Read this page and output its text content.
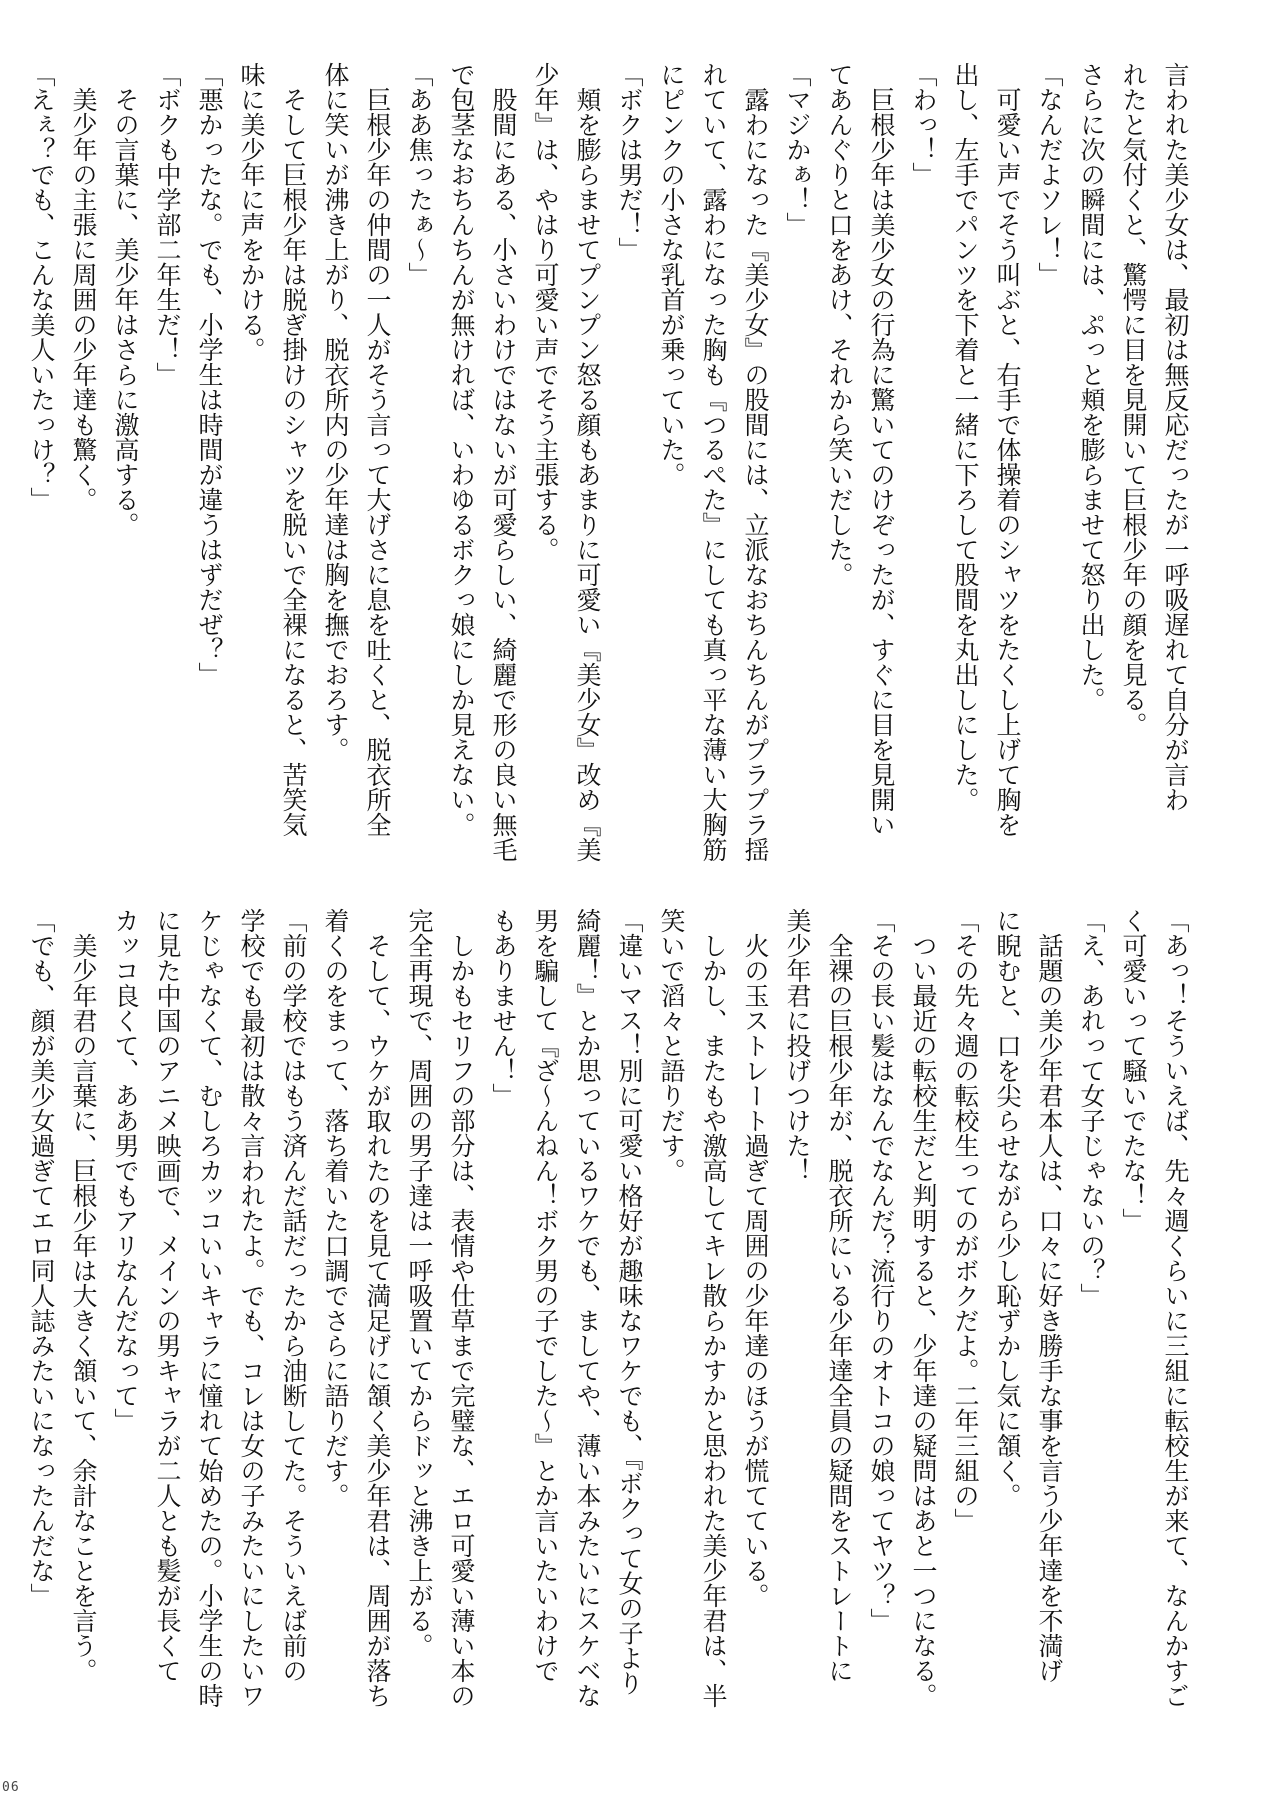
言われた美少女は、最初は無反応だったが一呼吸遅れて自分が言わ
れたと気付くと、驚愕に目を見開いて巨根少年の顔を見る。
さらに次の瞬間には、ぷっと頬を膨らませて怒り出した。
「なんだよソレ！」
　可愛い声でそう叫ぶと、右手で体操着のシャツをたくし上げて胸を
出し、左手でパンツを下着と一緒に下ろして股間を丸出しにした。
「わっ！」
　巨根少年は美少女の行為に驚いてのけぞったが、すぐに目を見開い
てあんぐりと口をあけ、それから笑いだした。
「マジかぁ！」
　露わになった『美少女』の股間には、立派なおちんちんがプラプラ揺
れていて、露わになった胸も『つるぺた』にしても真っ平な薄い大胸筋
にピンクの小さな乳首が乗っていた。
「ボクは男だ！」
　頬を膨らませてプンプン怒る顔もあまりに可愛い『美少女』改め『美
少年』は、やはり可愛い声でそう主張する。
　股間にある、小さいわけではないが可愛らしい、綺麗で形の良い無毛
で包茎なおちんちんが無ければ、いわゆるボクっ娘にしか見えない。
「ああ焦ったぁ〜」
　巨根少年の仲間の一人がそう言って大げさに息を吐くと、脱衣所全
体に笑いが沸き上がり、脱衣所内の少年達は胸を撫でおろす。
　そして巨根少年は脱ぎ掛けのシャツを脱いで全裸になると、苦笑気
味に美少年に声をかける。
「悪かったな。でも、小学生は時間が違うはずだぜ？」
「ボクも中学部二年生だ！」
　その言葉に、美少年はさらに激高する。
　美少年の主張に周囲の少年達も驚く。
「えぇ？でも、こんな美人いたっけ？」
「あっ！そういえば、先々週くらいに三組に転校生が来て、なんかすご
く可愛いって騒いでたな！」
「え、あれって女子じゃないの？」
　話題の美少年君本人は、口々に好き勝手な事を言う少年達を不満げ
に睨むと、口を尖らせながら少し恥ずかし気に頷く。
「その先々週の転校生ってのがボクだよ。二年三組の」
　つい最近の転校生だと判明すると、少年達の疑問はあと一つになる。
「その長い髪はなんでなんだ？流行りのオトコの娘ってヤツ？」
　全裸の巨根少年が、脱衣所にいる少年達全員の疑問をストレートに
美少年君に投げつけた！
　火の玉ストレート過ぎて周囲の少年達のほうが慌てている。
　しかし、またもや激高してキレ散らかすかと思われた美少年君は、半
笑いで滔々と語りだす。
「違いマス！別に可愛い格好が趣味なワケでも、『ボクって女の子より
綺麗！』とか思っているワケでも、ましてや、薄い本みたいにスケベな
男を騙して『ざ〜んねん！ボク男の子でした〜』とか言いたいわけで
もありません！」
　しかもセリフの部分は、表情や仕草まで完璧な、エロ可愛い薄い本の
完全再現で、周囲の男子達は一呼吸置いてからドッと沸き上がる。
　そして、ウケが取れたのを見て満足げに頷く美少年君は、周囲が落ち
着くのをまって、落ち着いた口調でさらに語りだす。
「前の学校ではもう済んだ話だったから油断してた。そういえば前の
学校でも最初は散々言われたよ。でも、コレは女の子みたいにしたいワ
ケじゃなくて、むしろカッコいいキャラに憧れて始めたの。小学生の時
に見た中国のアニメ映画で、メインの男キャラが二人とも髪が長くて
カッコ良くて、ああ男でもアリなんだなって」
　美少年君の言葉に、巨根少年は大きく頷いて、余計なことを言う。
「でも、顔が美少女過ぎてエロ同人誌みたいになったんだな」
06
